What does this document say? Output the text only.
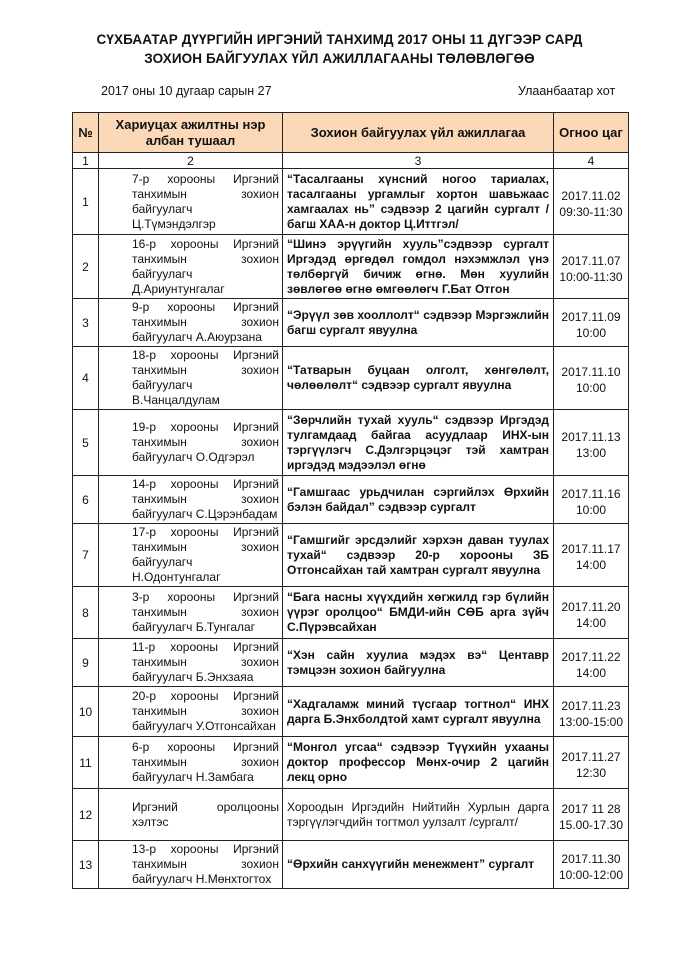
СҮХБААТАР ДҮҮРГИЙН ИРГЭНИЙ ТАНХИМД 2017 ОНЫ 11 ДҮГЭЭР САРД
ЗОХИОН БАЙГУУЛАХ ҮЙЛ АЖИЛЛАГААНЫ ТӨЛӨВЛӨГӨӨ
2017 оны 10 дугаар сарын 27	Улаанбаатар хот
№	Хариуцах ажилтны нэр албан тушаал	Зохион байгуулах үйл ажиллагаа	Огноо цаг
1	2	3	4
1	7-р хорооны Иргэний танхимын зохион байгуулагч Ц.Түмэндэлгэр	“Тасалгааны хүнсний ногоо тариалах, тасалгааны ургамлыг хортон шавьжаас хамгаалах нь” сэдвээр 2 цагийн сургалт /багш ХАА-н доктор Ц.Иттгэл/	2017.11.02
09:30-11:30

2	16-р хорооны Иргэний танхимын зохион байгуулагч Д.Ариунтунгалаг	“Шинэ эрүүгийн хууль”сэдвээр сургалт Иргэдэд өргөдөл гомдол нэхэмжлэл үнэ төлбөргүй бичиж өгнө. Мөн хуулийн зөвлөгөө өгнө өмгөөлөгч Г.Бат Отгон	2017.11.07
10:00-11:30

3	9-р хорооны Иргэний танхимын зохион байгуулагч А.Аюурзана	“Эрүүл зөв хооллолт“ сэдвээр Мэргэжлийн багш сургалт явуулна	2017.11.09
10:00

4	18-р хорооны Иргэний танхимын зохион байгуулагч В.Чанцалдулам	“Татварын буцаан олголт, хөнгөлөлт, чөлөөлөлт“ сэдвээр сургалт явуулна	2017.11.10
10:00

5	19-р хорооны Иргэний танхимын зохион байгуулагч О.Одгэрэл	“Зөрчлийн тухай хууль“ сэдвээр Иргэдэд тулгамдаад байгаа асуудлаар ИНХ-ын тэргүүлэгч С.Дэлгэрцэцэг тэй хамтран иргэдэд мэдээлэл өгнө	2017.11.13
13:00

6	14-р хорооны Иргэний танхимын зохион байгуулагч С.Цэрэнбадам	“Гамшгаас урьдчилан сэргийлэх Өрхийн бэлэн байдал” сэдвээр сургалт	2017.11.16
10:00

7	17-р хорооны Иргэний танхимын зохион байгуулагч Н.Одонтунгалаг	“Гамшгийг эрсдэлийг хэрхэн даван туулах тухай“ сэдвээр 20-р хорооны ЗБ Отгонсайхан тай хамтран сургалт явуулна	2017.11.17
14:00

8	3-р хорооны Иргэний танхимын зохион байгуулагч Б.Тунгалаг	“Бага насны хүүхдийн хөгжилд гэр бүлийн үүрэг оролцоо“ БМДИ-ийн СӨБ арга зүйч С.Пүрэвсайхан	2017.11.20
14:00

9	11-р хорооны Иргэний танхимын зохион байгуулагч Б.Энхзаяа	“Хэн сайн хуулиа мэдэх вэ“ Центавр тэмцээн зохион байгуулна	2017.11.22
14:00

10	20-р хорооны Иргэний танхимын зохион байгуулагч У.Отгонсайхан	“Хадгаламж миний түсгаар тогтнол“ ИНХ дарга Б.Энхболдтой хамт сургалт явуулна	2017.11.23
13:00-15:00

11	6-р хорооны Иргэний танхимын зохион байгуулагч Н.Замбага	“Монгол угсаа“ сэдвээр Түүхийн ухааны доктор профессор Мөнх-очир 2 цагийн лекц орно	2017.11.27
12:30

12	Иргэний оролцооны хэлтэс	Хороодын Иргэдийн Нийтийн Хурлын дарга тэргүүлэгчдийн тогтмол уулзалт /сургалт/	2017 11 28
15.00-17.30

13	13-р хорооны Иргэний танхимын зохион байгуулагч Н.Мөнхтогтох	“Өрхийн санхүүгийн менежмент” сургалт	2017.11.30
10:00-12:00
